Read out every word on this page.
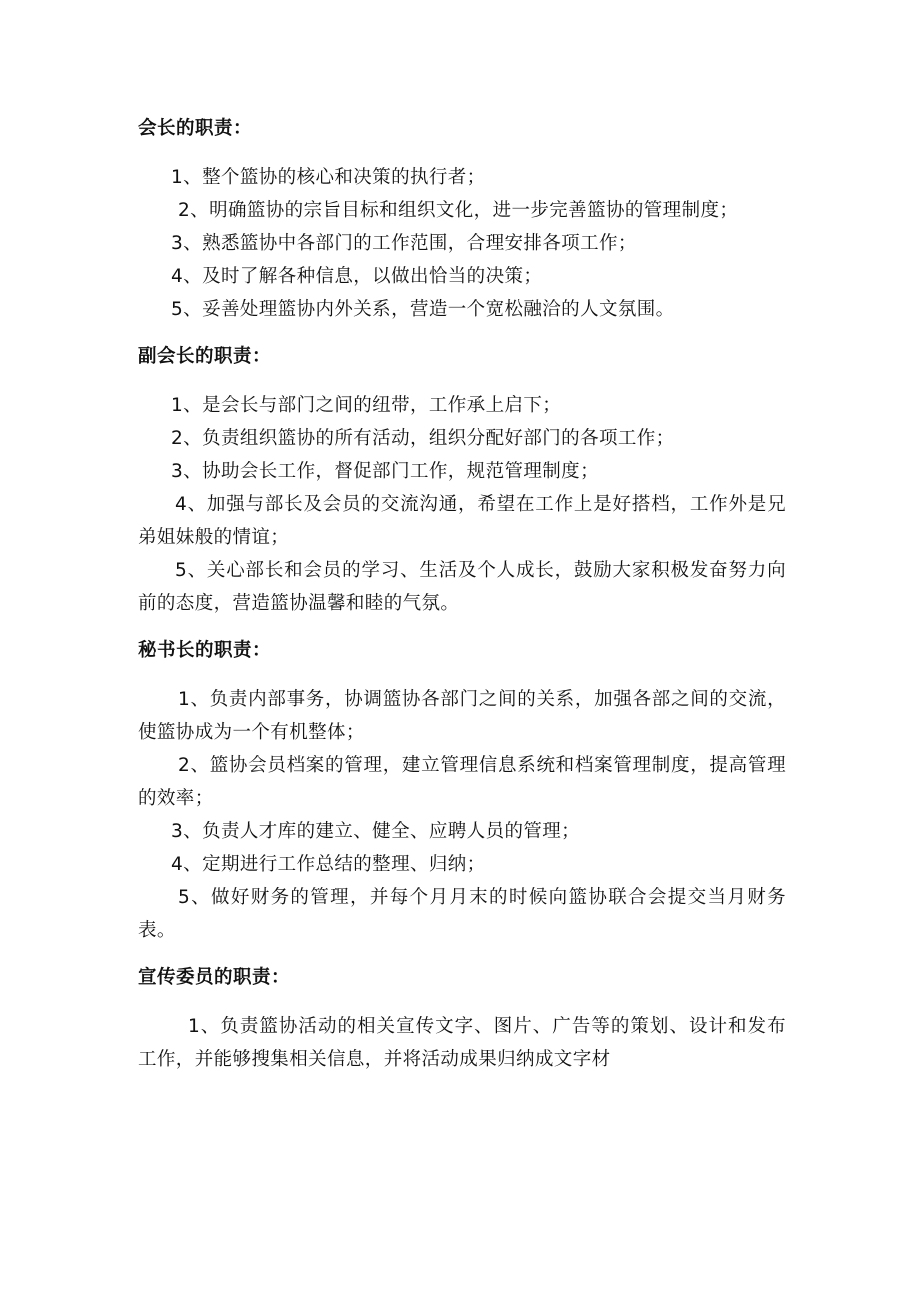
会长的职责：

1、整个篮协的核心和决策的执行者；

2、明确篮协的宗旨目标和组织文化，进一步完善篮协的管理制度；

3、熟悉篮协中各部门的工作范围，合理安排各项工作；

4、及时了解各种信息，以做出恰当的决策；

5、妥善处理篮协内外关系，营造一个宽松融洽的人文氛围。

副会长的职责：

1、是会长与部门之间的纽带，工作承上启下；

2、负责组织篮协的所有活动，组织分配好部门的各项工作；

3、协助会长工作，督促部门工作，规范管理制度；

4、加强与部长及会员的交流沟通，希望在工作上是好搭档，工作外是兄弟姐妹般的情谊；

5、关心部长和会员的学习、生活及个人成长，鼓励大家积极发奋努力向前的态度，营造篮协温馨和睦的气氛。

秘书长的职责：

1、负责内部事务，协调篮协各部门之间的关系，加强各部之间的交流，使篮协成为一个有机整体；

2、篮协会员档案的管理，建立管理信息系统和档案管理制度，提高管理的效率；

3、负责人才库的建立、健全、应聘人员的管理；

4、定期进行工作总结的整理、归纳；

5、做好财务的管理，并每个月月末的时候向篮协联合会提交当月财务表。

宣传委员的职责：

1、负责篮协活动的相关宣传文字、图片、广告等的策划、设计和发布工作，并能够搜集相关信息，并将活动成果归纳成文字材
